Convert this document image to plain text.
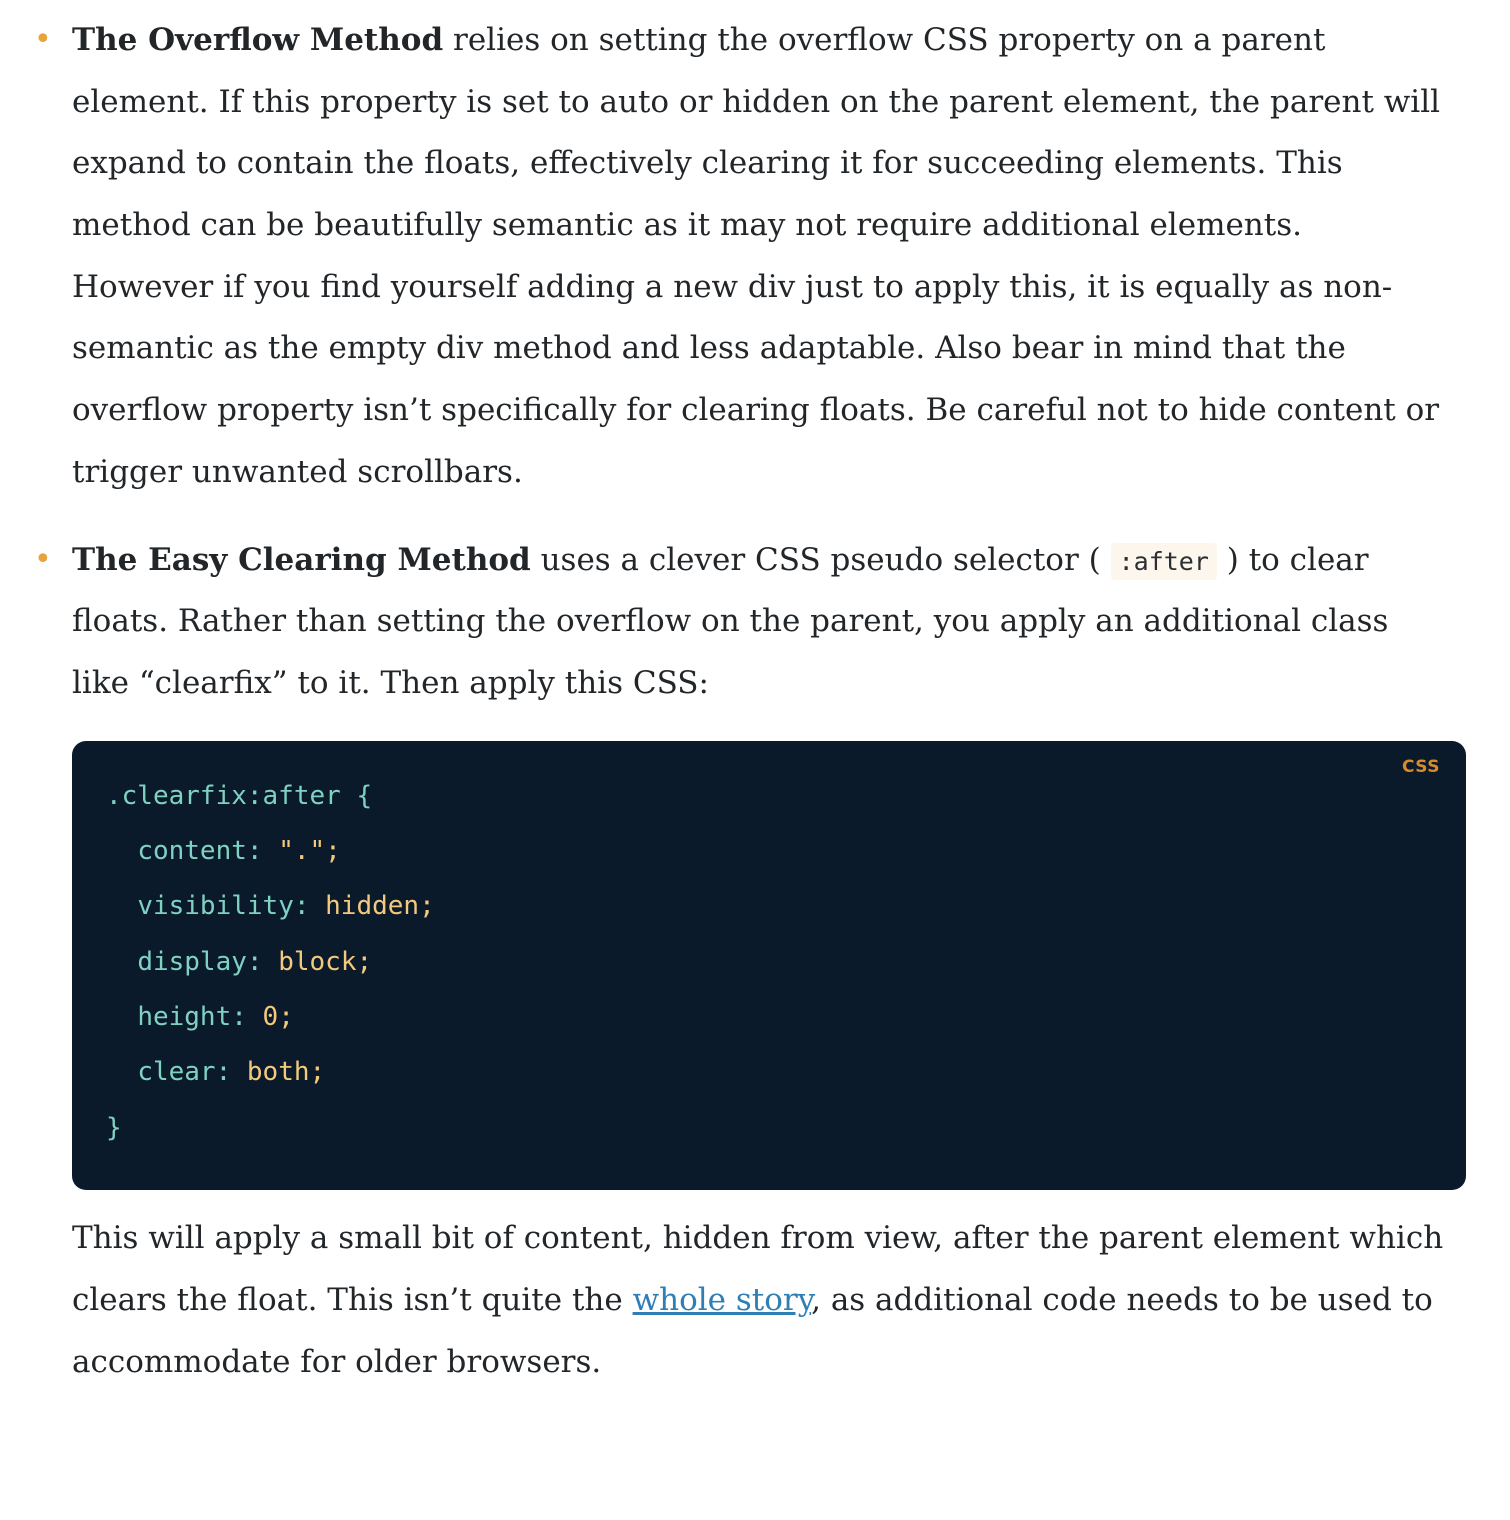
• The Overflow Method relies on setting the overflow CSS property on a parent element. If this property is set to auto or hidden on the parent element, the parent will expand to contain the floats, effectively clearing it for succeeding elements. This method can be beautifully semantic as it may not require additional elements. However if you find yourself adding a new div just to apply this, it is equally as non-semantic as the empty div method and less adaptable. Also bear in mind that the overflow property isn’t specifically for clearing floats. Be careful not to hide content or trigger unwanted scrollbars.
• The Easy Clearing Method uses a clever CSS pseudo selector ( :after ) to clear floats. Rather than setting the overflow on the parent, you apply an additional class like “clearfix” to it. Then apply this CSS:
CSS
.clearfix:after {
content: ".";
visibility: hidden;
display: block;
height: 0;
clear: both;
}

This will apply a small bit of content, hidden from view, after the parent element which clears the float. This isn’t quite the whole story, as additional code needs to be used to accommodate for older browsers.
